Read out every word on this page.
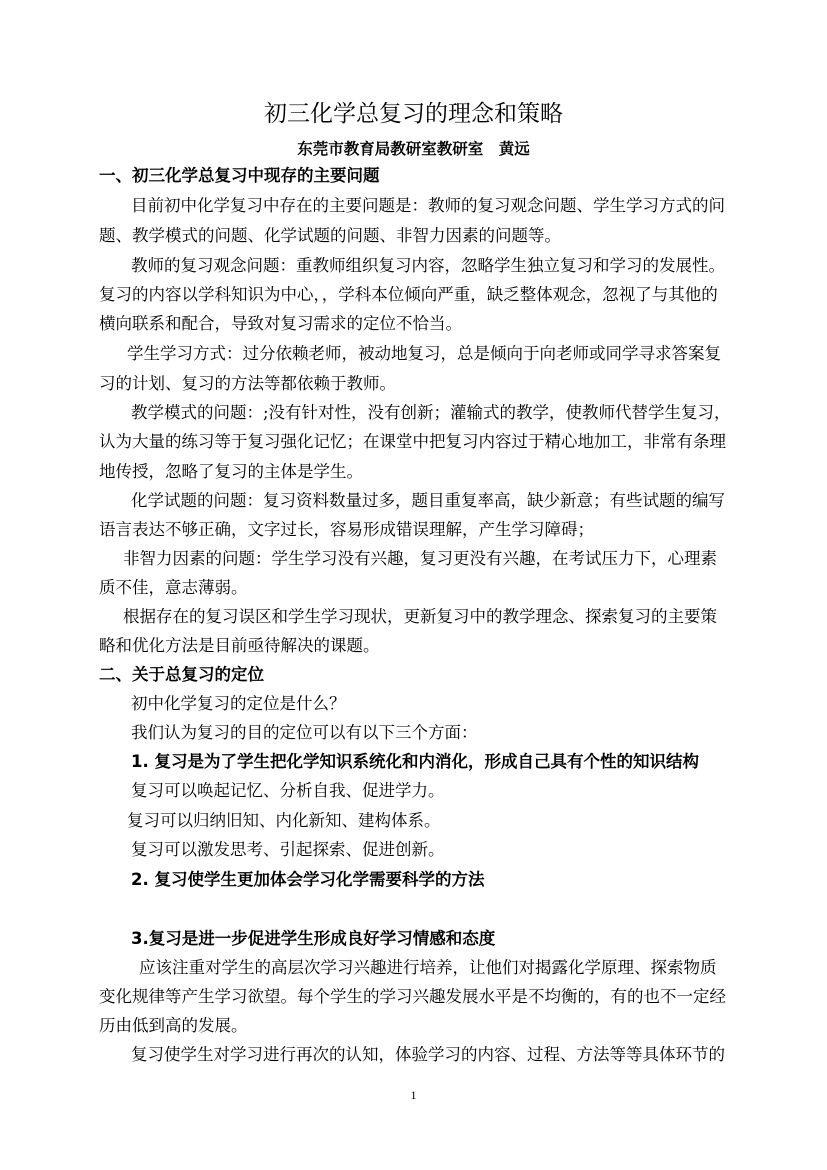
初三化学总复习的理念和策略
东莞市教育局教研室教研室　黄远
一、初三化学总复习中现存的主要问题
目前初中化学复习中存在的主要问题是：教师的复习观念问题、学生学习方式的问
题、教学模式的问题、化学试题的问题、非智力因素的问题等。
教师的复习观念问题：重教师组织复习内容，忽略学生独立复习和学习的发展性。
复习的内容以学科知识为中心，，学科本位倾向严重，缺乏整体观念，忽视了与其他的
横向联系和配合，导致对复习需求的定位不恰当。
学生学习方式：过分依赖老师，被动地复习，总是倾向于向老师或同学寻求答案复
习的计划、复习的方法等都依赖于教师。
教学模式的问题：;没有针对性，没有创新；灌输式的教学，使教师代替学生复习，
认为大量的练习等于复习强化记忆；在课堂中把复习内容过于精心地加工，非常有条理
地传授，忽略了复习的主体是学生。
化学试题的问题：复习资料数量过多，题目重复率高，缺少新意；有些试题的编写
语言表达不够正确，文字过长，容易形成错误理解，产生学习障碍；
非智力因素的问题：学生学习没有兴趣，复习更没有兴趣，在考试压力下，心理素
质不佳，意志薄弱。
根据存在的复习误区和学生学习现状，更新复习中的教学理念、探索复习的主要策
略和优化方法是目前亟待解决的课题。
二、关于总复习的定位
初中化学复习的定位是什么？
我们认为复习的目的定位可以有以下三个方面：
1. 复习是为了学生把化学知识系统化和内消化，形成自己具有个性的知识结构
复习可以唤起记忆、分析自我、促进学力。
复习可以归纳旧知、内化新知、建构体系。
复习可以激发思考、引起探索、促进创新。
2. 复习使学生更加体会学习化学需要科学的方法
3.复习是进一步促进学生形成良好学习情感和态度
应该注重对学生的高层次学习兴趣进行培养，让他们对揭露化学原理、探索物质
变化规律等产生学习欲望。每个学生的学习兴趣发展水平是不均衡的，有的也不一定经
历由低到高的发展。
复习使学生对学习进行再次的认知，体验学习的内容、过程、方法等等具体环节的
1
